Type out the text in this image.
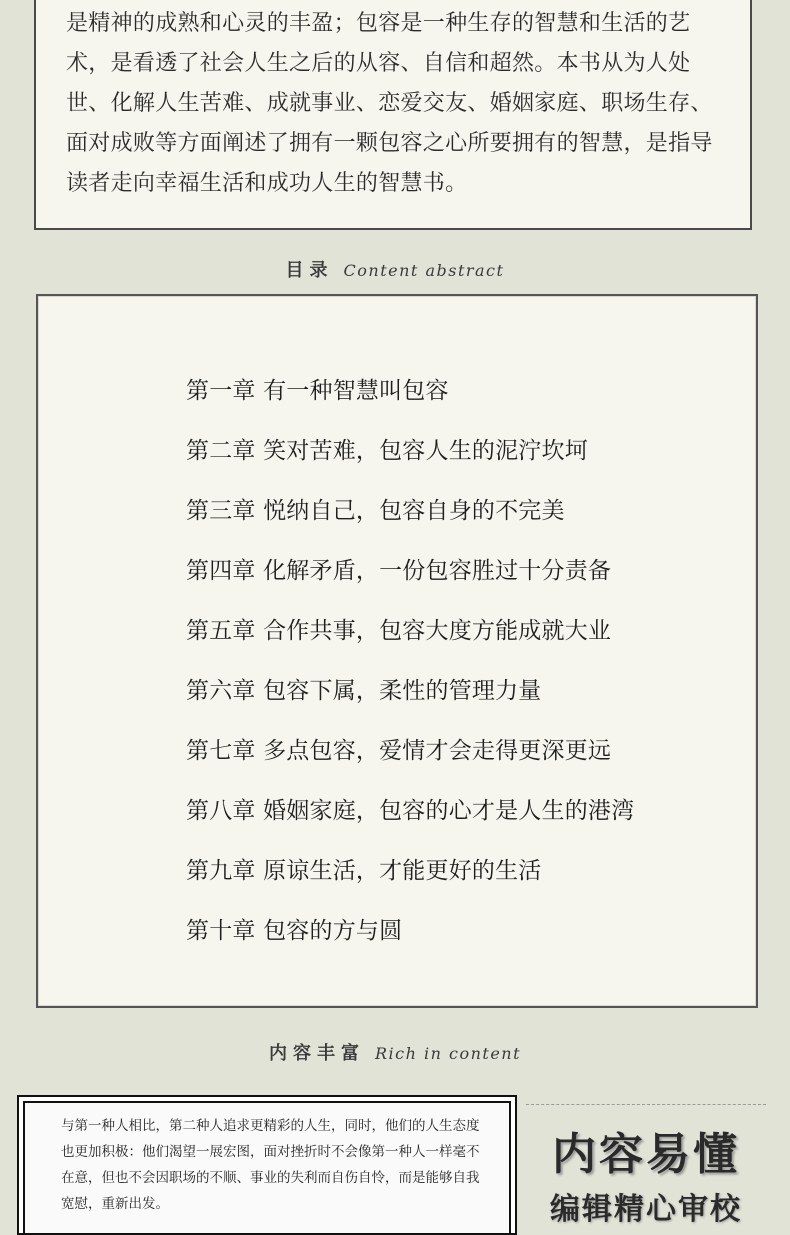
是精神的成熟和心灵的丰盈；包容是一种生存的智慧和生活的艺术，是看透了社会人生之后的从容、自信和超然。本书从为人处世、化解人生苦难、成就事业、恋爱交友、婚姻家庭、职场生存、面对成败等方面阐述了拥有一颗包容之心所要拥有的智慧，是指导读者走向幸福生活和成功人生的智慧书。
目录 Content abstract
第一章 有一种智慧叫包容
第二章 笑对苦难，包容人生的泥泞坎坷
第三章 悦纳自己，包容自身的不完美
第四章 化解矛盾，一份包容胜过十分责备
第五章 合作共事，包容大度方能成就大业
第六章 包容下属，柔性的管理力量
第七章 多点包容，爱情才会走得更深更远
第八章 婚姻家庭，包容的心才是人生的港湾
第九章 原谅生活，才能更好的生活
第十章 包容的方与圆
内容丰富 Rich in content
与第一种人相比，第二种人追求更精彩的人生，同时，他们的人生态度也更加积极：他们渴望一展宏图，面对挫折时不会像第一种人一样毫不在意，但也不会因职场的不顺、事业的失利而自伤自怜，而是能够自我宽慰，重新出发。
内容易懂
编辑精心审校
